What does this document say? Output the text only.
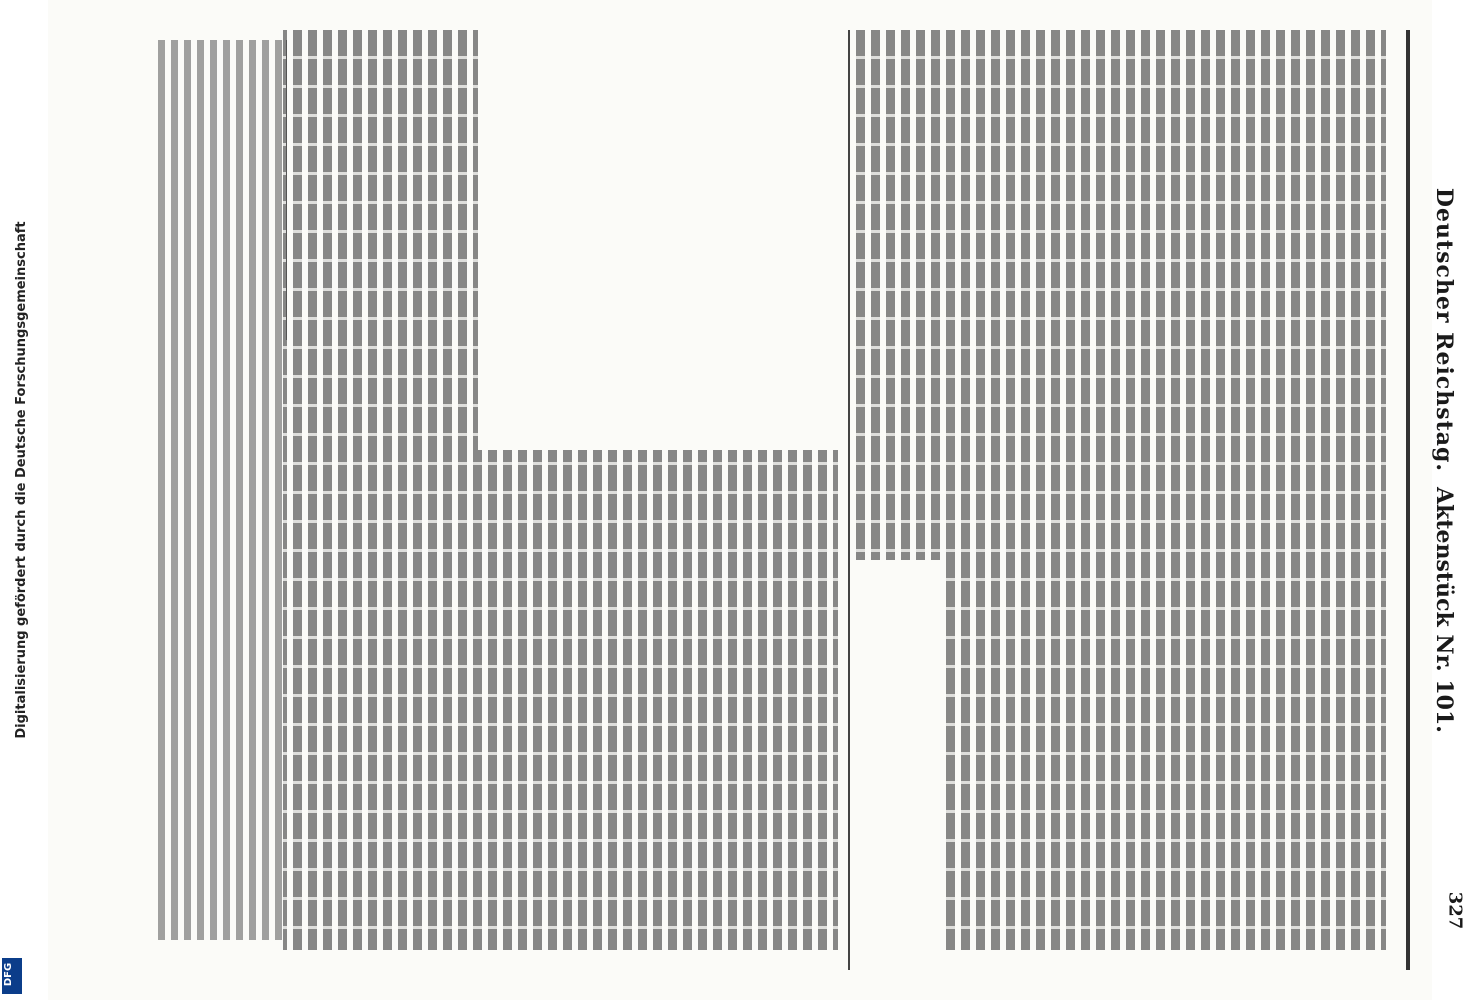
Deutscher Reichstag.
Aktenstück Nr. 101.
327
Digitalisierung gefördert durch die Deutsche Forschungsgemeinschaft
DFG
